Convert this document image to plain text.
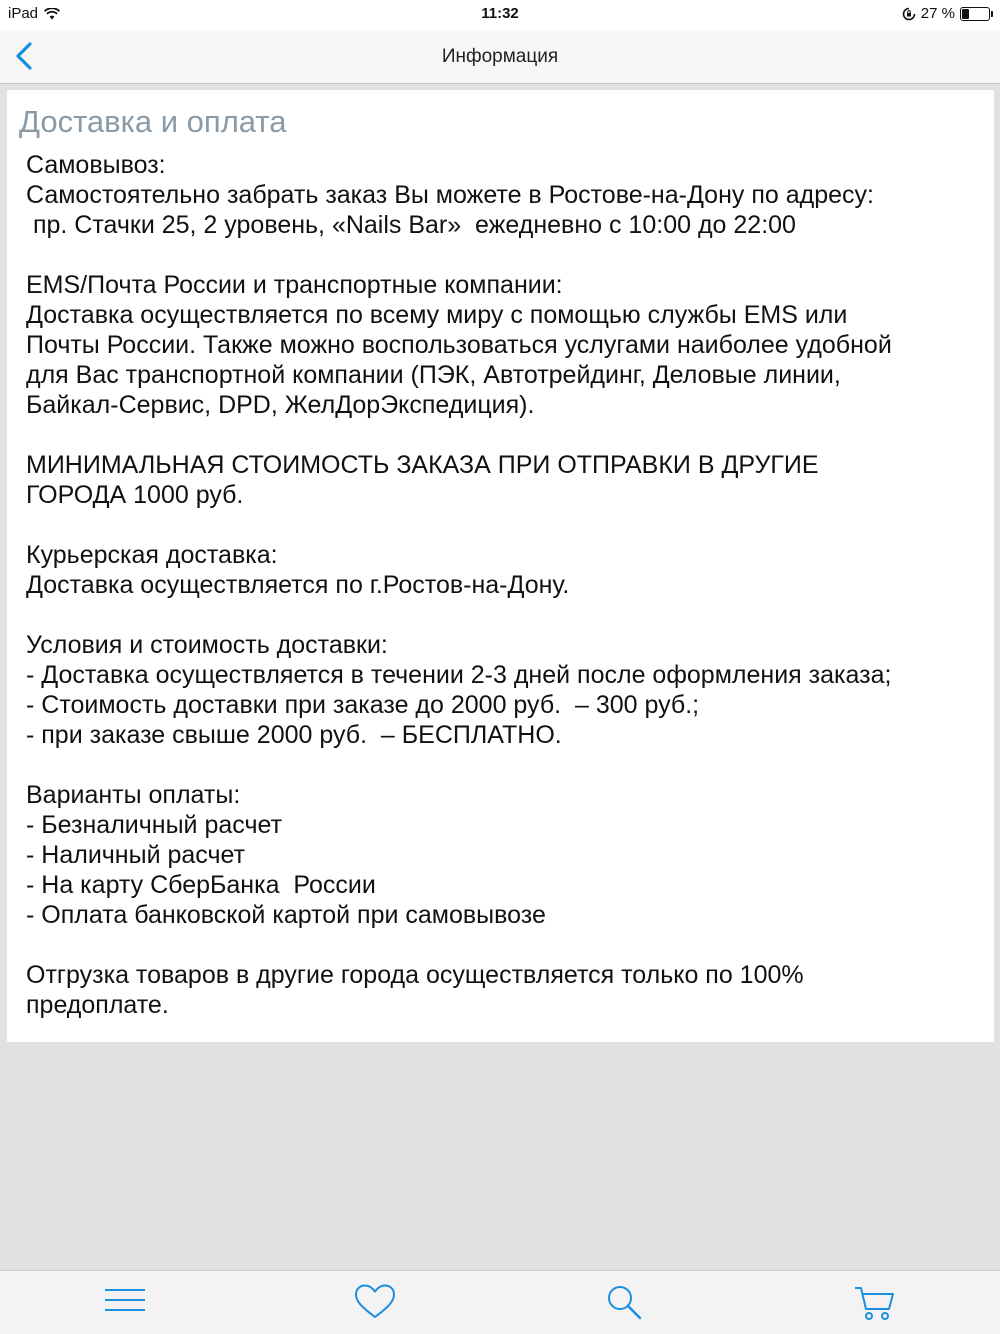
iPad	11:32	27 %
Информация
Доставка и оплата

Самовывоз:

Самостоятельно забрать заказ Вы можете в Ростове-на-Дону по адресу:

пр. Стачки 25, 2 уровень, «Nails Bar»  ежедневно с 10:00 до 22:00

EMS/Почта России и транспортные компании:

Доставка осуществляется по всему миру с помощью службы EMS или

Почты России. Также можно воспользоваться услугами наиболее удобной

для Вас транспортной компании (ПЭК, Автотрейдинг, Деловые линии,

Байкал-Сервис, DPD, ЖелДорЭкспедиция).

МИНИМАЛЬНАЯ СТОИМОСТЬ ЗАКАЗА ПРИ ОТПРАВКИ В ДРУГИЕ

ГОРОДА 1000 руб.

Курьерская доставка:

Доставка осуществляется по г.Ростов-на-Дону.

Условия и стоимость доставки:

- Доставка осуществляется в течении 2-3 дней после оформления заказа;

- Стоимость доставки при заказе до 2000 руб.  – 300 руб.;

- при заказе свыше 2000 руб.  – БЕСПЛАТНО.

Варианты оплаты:

- Безналичный расчет

- Наличный расчет

- На карту СберБанка  России

- Оплата банковской картой при самовывозе

Отгрузка товаров в другие города осуществляется только по 100%

предоплате.
